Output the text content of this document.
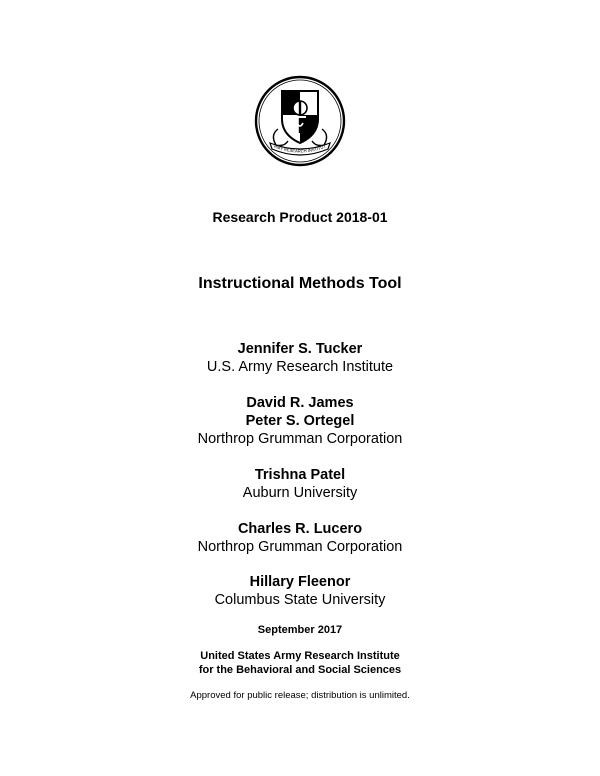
RMY RESEARCH INSTITUT
Research Product 2018-01
Instructional Methods Tool
Jennifer S. Tucker
U.S. Army Research Institute
David R. James
Peter S. Ortegel
Northrop Grumman Corporation
Trishna Patel
Auburn University
Charles R. Lucero
Northrop Grumman Corporation
Hillary Fleenor
Columbus State University
September 2017
United States Army Research Institute
for the Behavioral and Social Sciences
Approved for public release; distribution is unlimited.
